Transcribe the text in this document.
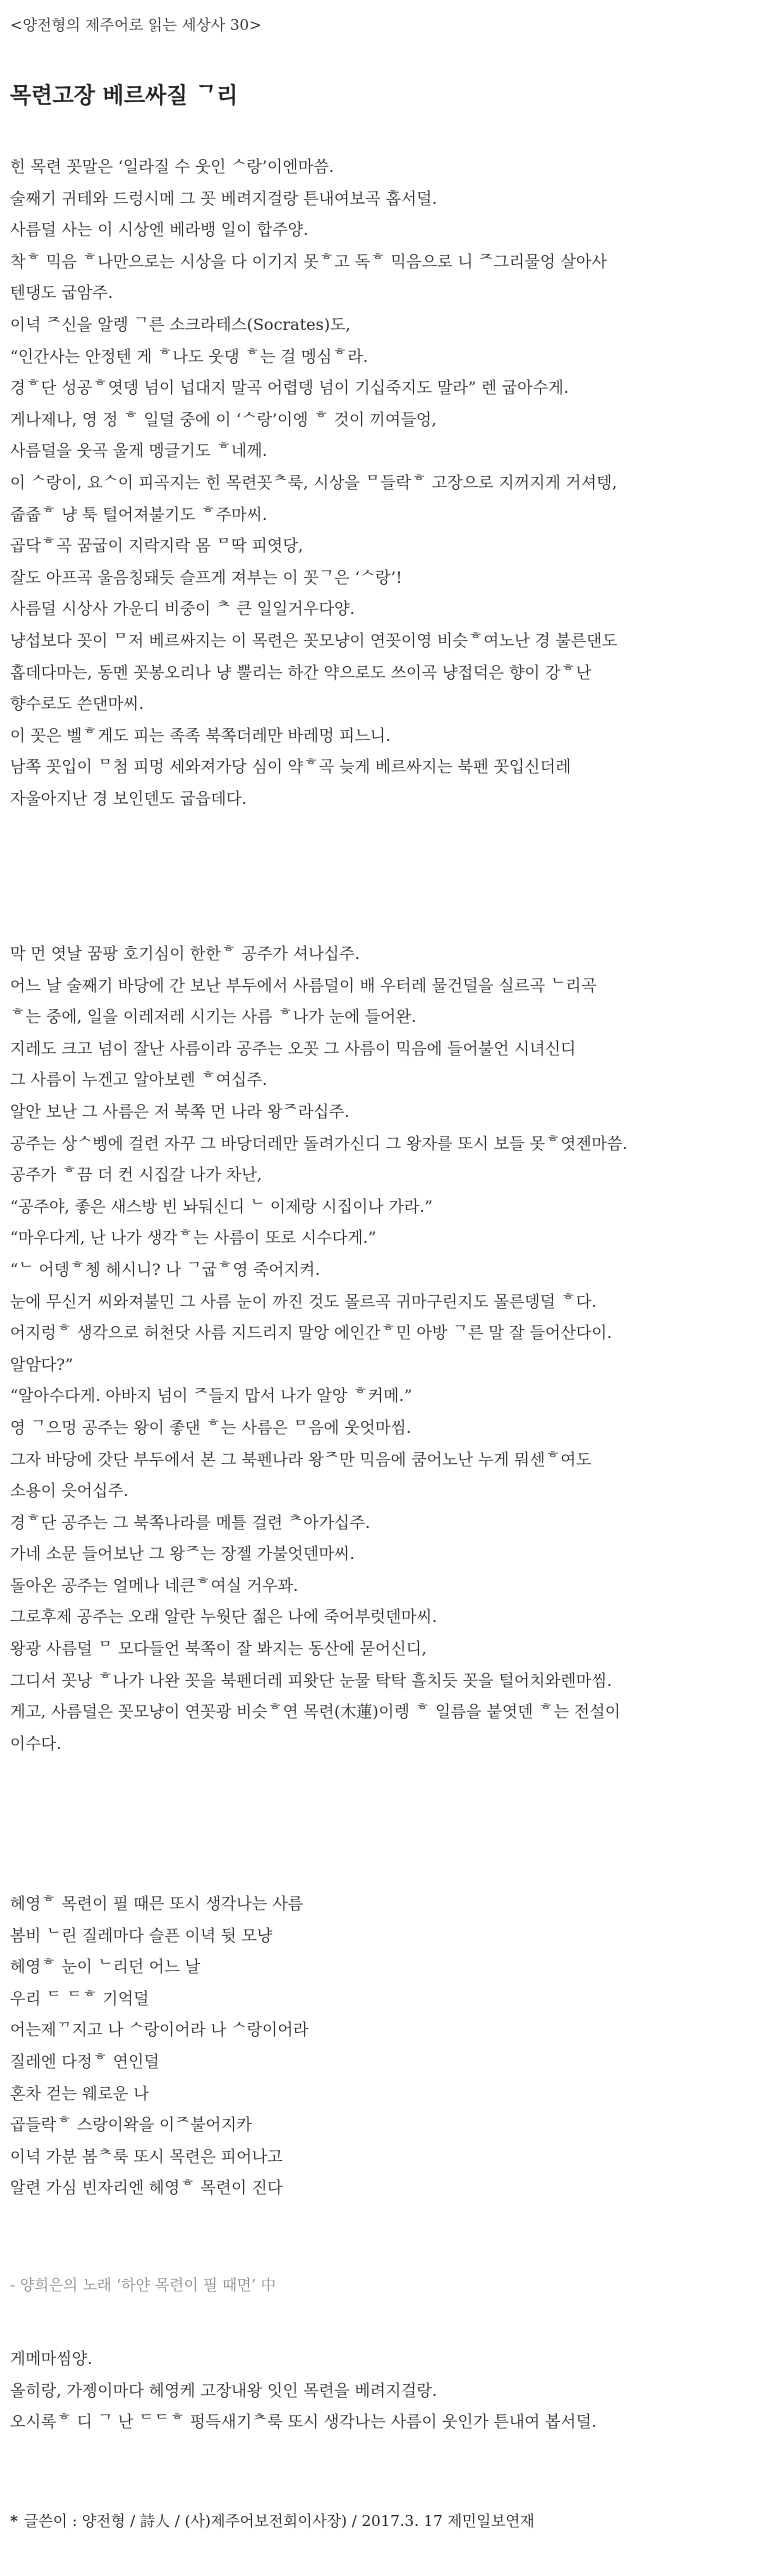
<양전형의 제주어로 읽는 세상사 30>
목련고장 베르싸질 ᄀ리
힌 목련 꼿말은 ‘일라질 수 웃인 ᄉ랑’이엔마씀.
술째기 귀테와 드렁시메 그 꼿 베려지걸랑 튼내여보곡 홉서덜.
사름덜 사는 이 시상엔 베라뱅 일이 합주양.
착ᄒ 믹음 ᄒ나만으로는 시상을 다 이기지 못ᄒ고 독ᄒ 믹음으로 니 ᄌ그리물엉 살아사
텐댕도 굽암주.
이넉 ᄌ신을 알렝 ᄀ른 소크라테스(Socrates)도,
“인간사는 안정텐 게 ᄒ나도 웃댕 ᄒ는 걸 멩심ᄒ라.
경ᄒ단 성공ᄒ엿뎅 넘이 넙대지 말곡 어렵뎅 넘이 기십죽지도 말라” 렌 굽아수게.
게나제나, 영 정 ᄒ 일덜 중에 이 ‘ᄉ랑’이엥 ᄒ 것이 끼여들엉,
사름덜을 웃곡 울게 멩글기도 ᄒ네께.
이 ᄉ랑이, 요ᄉ이 피곡지는 힌 목련꼿ᄎ룩, 시상을 ᄆ들락ᄒ 고장으로 지꺼지게 거셔텡,
줍줍ᄒ 냥 툭 털어져불기도 ᄒ주마씨.
곱닥ᄒ곡 꿈굽이 지락지락 몸 ᄆ딱 피엿당,
잘도 아프곡 울음칭돼듯 슬프게 져부는 이 꼿ᄀ은 ‘ᄉ랑’!
사름덜 시상사 가운디 비중이 ᄎ 큰 일일거우다양.
냥섭보다 꼿이 ᄆ저 베르싸지는 이 목련은 꼿모냥이 연꼿이영 비슷ᄒ여노난 경 불른댄도
홉데다마는, 동멘 꼿봉오리나 냥 뿔리는 하간 약으로도 쓰이곡 냥접덕은 향이 강ᄒ난
향수로도 쓴댄마씨.
이 꼿은 벨ᄒ게도 피는 족족 북쪽더레만 바레멍 피느니.
남쪽 꼿입이 ᄆ첨 피멍 세와져가당 심이 약ᄒ곡 늦게 베르싸지는 북펜 꼿입신더레
자울아지난 경 보인덴도 굽읍데다.
막 먼 엿날 꿈팡 호기심이 한한ᄒ 공주가 셔나십주.
어느 날 술째기 바당에 간 보난 부두에서 사름덜이 배 우터레 물건덜을 실르곡 ᄂ리곡
ᄒ는 중에, 일을 이레저레 시기는 사름 ᄒ나가 눈에 들어완.
지레도 크고 넘이 잘난 사름이라 공주는 오꼿 그 사름이 믹음에 들어불언 시녀신디
그 사름이 누겐고 알아보렌 ᄒ여십주.
알안 보난 그 사름은 저 북쪽 먼 나라 왕ᄌ라십주.
공주는 상ᄉ벵에 걸련 자꾸 그 바당더레만 돌려가신디 그 왕자를 또시 보들 못ᄒ엿젠마씀.
공주가 ᄒ끔 더 컨 시집갈 나가 차난,
“공주야, 좋은 새스방 빈 놔둬신디 ᄂ 이제랑 시집이나 가라.”
“마우다게, 난 나가 생각ᄒ는 사름이 또로 시수다게.”
“ᄂ 어뎅ᄒ쳉 헤시니? 나 ᄀ굽ᄒ영 죽어지켜.
눈에 무신거 씨와져불민 그 사름 눈이 까진 것도 몰르곡 귀마구린지도 몰른뎅덜 ᄒ다.
어지렁ᄒ 생각으로 허천닷 사름 지드리지 말앙 에인간ᄒ민 아방 ᄀ른 말 잘 들어산다이.
알암다?”
“알아수다게. 아바지 넘이 ᄌ들지 맙서 나가 알앙 ᄒ커메.”
영 ᄀ으멍 공주는 왕이 좋댄 ᄒ는 사름은 ᄆ음에 웃엇마씸.
그자 바당에 갓단 부두에서 본 그 북펜나라 왕ᄌ만 믹음에 쿰어노난 누게 뭐센ᄒ여도
소용이 읏어십주.
경ᄒ단 공주는 그 북쪽나라를 메틀 걸련 ᄎ아가십주.
가네 소문 들어보난 그 왕ᄌ는 장젤 가불엇덴마씨.
돌아온 공주는 얼메나 네큰ᄒ여실 거우꽈.
그로후제 공주는 오래 알란 누웟단 젊은 나에 죽어부럿덴마씨.
왕광 사름덜 ᄆ 모다들언 북쪽이 잘 봐지는 동산에 묻어신디,
그디서 꼿낭 ᄒ나가 나완 꼿을 북펜더레 피왓단 눈물 탁탁 흘치듯 꼿을 털어치와렌마씸.
게고, 사름덜은 꼿모냥이 연꼿광 비슷ᄒ연 목련(木蓮)이렝 ᄒ 일름을 붙엿덴 ᄒ는 전설이
이수다.
헤영ᄒ 목련이 필 때믄 또시 생각나는 사름
봄비 ᄂ린 질레마다 슬픈 이녁 뒷 모냥
헤영ᄒ 눈이 ᄂ리던 어느 날
우리 ᄃ ᄃᄒ 기억덜
어는제ᄁ지고 나 ᄉ랑이어라 나 ᄉ랑이어라
질레엔 다정ᄒ 연인덜
혼차 걷는 웨로운 나
곱들락ᄒ 스랑이왁을 이ᄌ불어지카
이넉 가분 봄ᄎ룩 또시 목련은 피어나고
알련 가심 빈자리엔 헤영ᄒ 목련이 진다
- 양희은의 노래 ‘하얀 목련이 필 때면’ 中
게메마씸양.
올히랑, 가젱이마다 헤영케 고장내왕 잇인 목련을 베려지걸랑.
오시록ᄒ 디 ᄀ 난 ᄃᄃᄒ 펑득새기ᄎ룩 또시 생각나는 사름이 웃인가 튼내여 봅서덜.
* 글쓴이 : 양전형 / 詩人 / (사)제주어보전회이사장) / 2017.3. 17 제민일보연재
